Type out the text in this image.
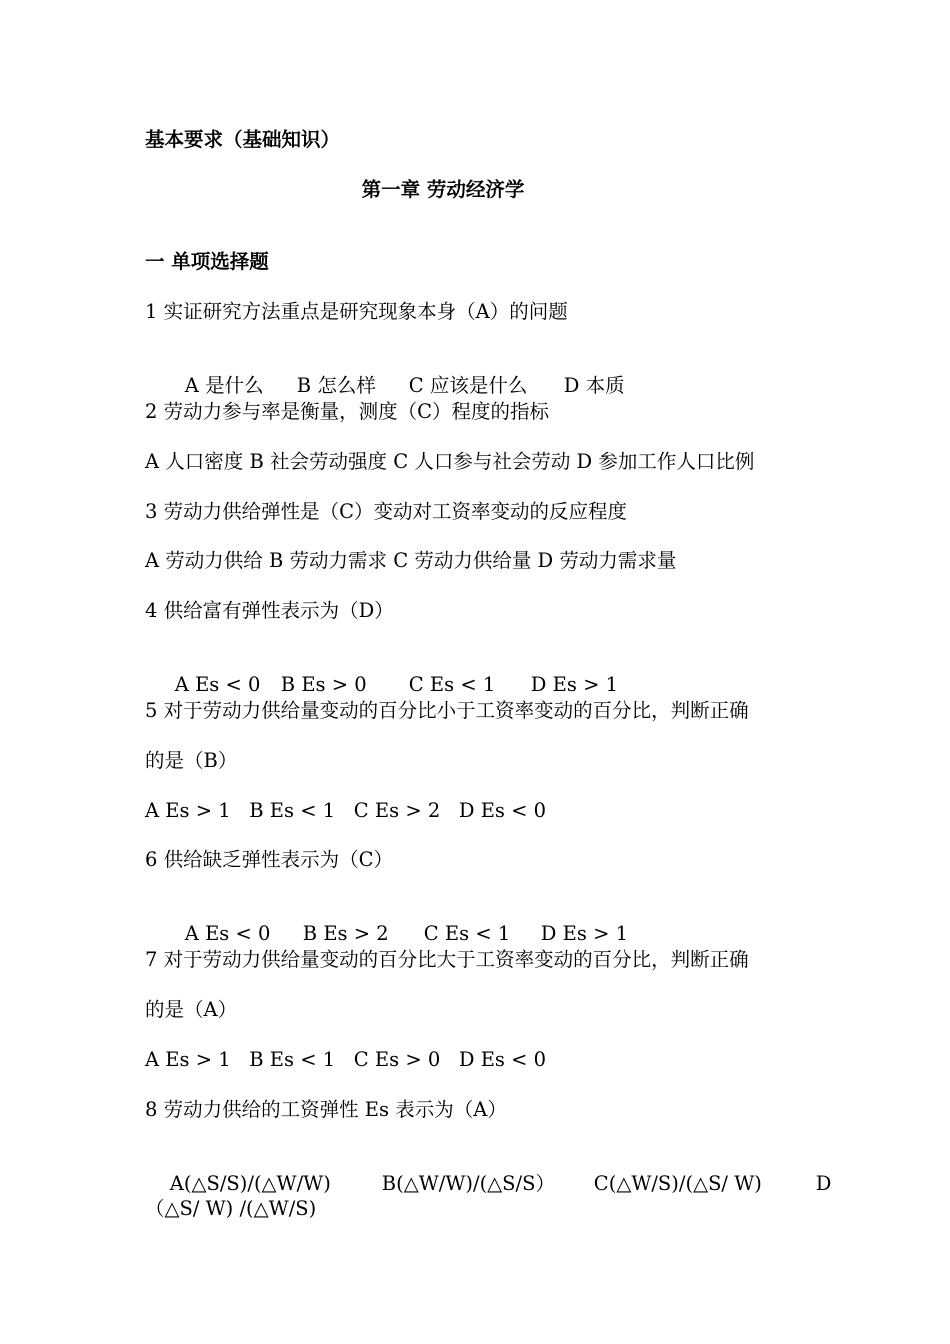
基本要求（基础知识）
第一章 劳动经济学
一 单项选择题
1 实证研究方法重点是研究现象本身（A）的问题

A 是什么 B 怎么样 C 应该是什么 D 本质

2 劳动力参与率是衡量，测度（C）程度的指标
A 人口密度 B 社会劳动强度 C 人口参与社会劳动 D 参加工作人口比例
3 劳动力供给弹性是（C）变动对工资率变动的反应程度
A 劳动力供给 B 劳动力需求 C 劳动力供给量 D 劳动力需求量
4 供给富有弹性表示为（D）

A Es < 0 B Es > 0 C Es < 1 D Es > 1

5 对于劳动力供给量变动的百分比小于工资率变动的百分比，判断正确
的是（B）
A Es > 1   B Es < 1   C Es > 2   D Es < 0
6 供给缺乏弹性表示为（C）

A Es < 0 B Es > 2 C Es < 1 D Es > 1

7 对于劳动力供给量变动的百分比大于工资率变动的百分比，判断正确
的是（A）
A Es > 1   B Es < 1   C Es > 0   D Es < 0
8 劳动力供给的工资弹性 Es 表示为（A）

A(△S/S)/(△W/W)	B(△W/W)/(△S/S） C(△W/S)/(△S/ W)	D

（△S/ W) /(△W/S)
